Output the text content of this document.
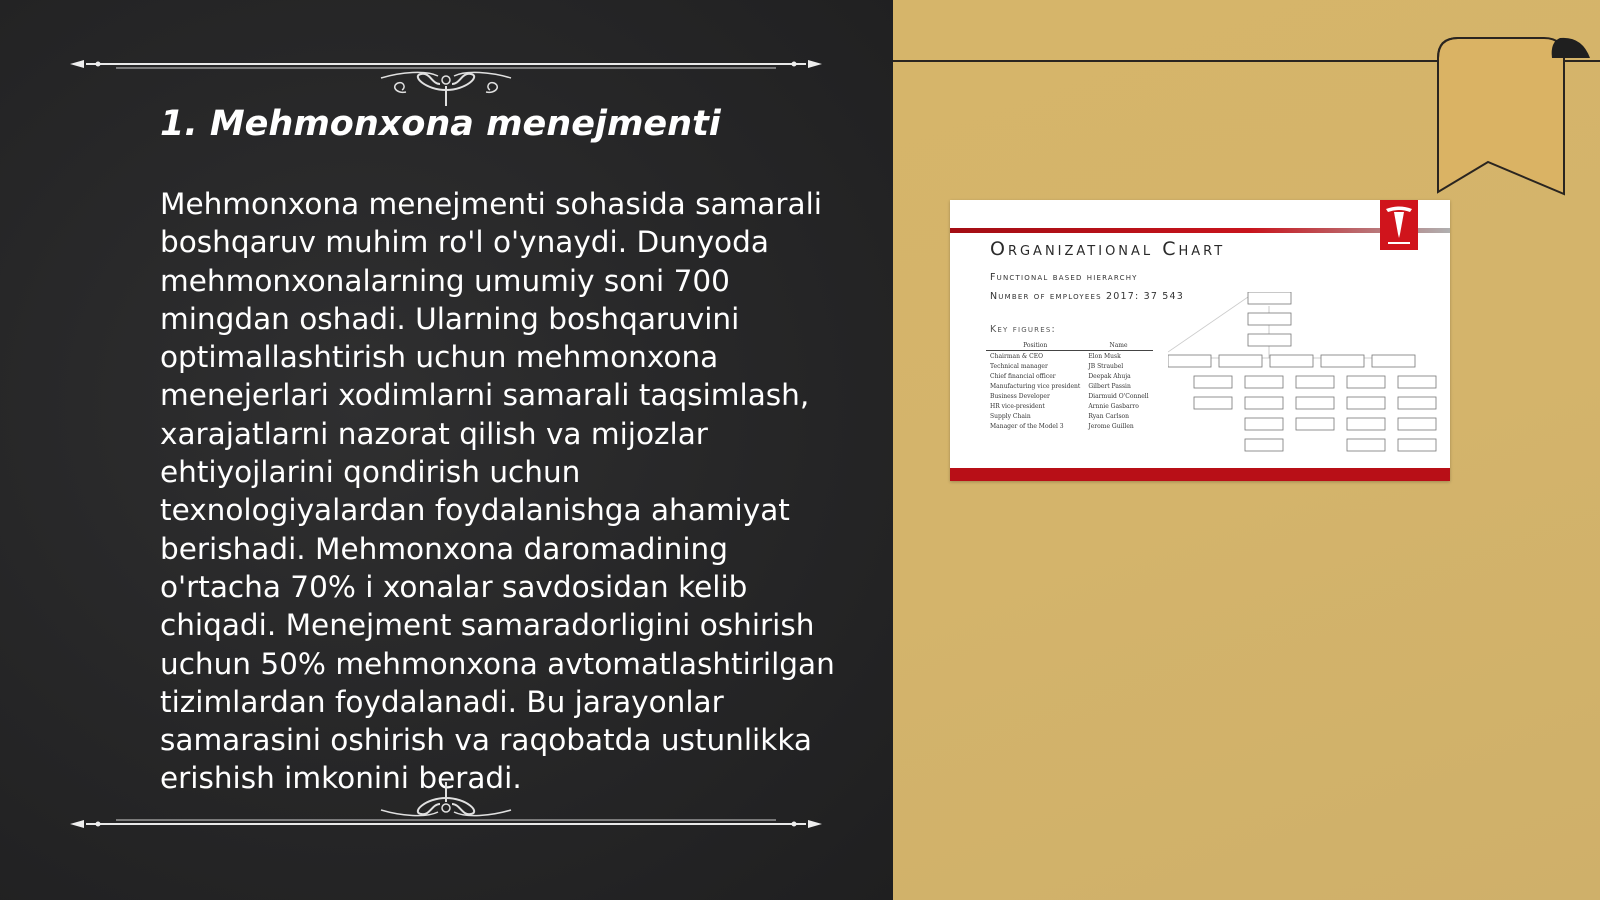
1. Mehmonxona menejmenti

Mehmonxona menejmenti sohasida samarali boshqaruv muhim ro'l o'ynaydi. Dunyoda mehmonxonalarning umumiy soni 700 mingdan oshadi. Ularning boshqaruvini optimallashtirish uchun mehmonxona menejerlari xodimlarni samarali taqsimlash, xarajatlarni nazorat qilish va mijozlar ehtiyojlarini qondirish uchun texnologiyalardan foydalanishga ahamiyat berishadi. Mehmonxona daromadining o'rtacha 70% i xonalar savdosidan kelib chiqadi. Menejment samaradorligini oshirish uchun 50% mehmonxona avtomatlashtirilgan tizimlardan foydalanadi. Bu jarayonlar samarasini oshirish va raqobatda ustunlikka erishish imkonini beradi.

Organizational Chart
Functional based hierarchy
Number of employees 2017: 37 543
Key figures:
Position	Name
Chairman & CEO	Elon Musk
Technical manager	JB Straubel
Chief financial officer	Deepak Ahuja
Manufacturing vice president	Gilbert Passin
Business Developer	Diarmuid O'Connell
HR vice-president	Arnnie Gasbarro
Supply Chain	Ryan Carlson
Manager of the Model 3	Jerome Guillen
